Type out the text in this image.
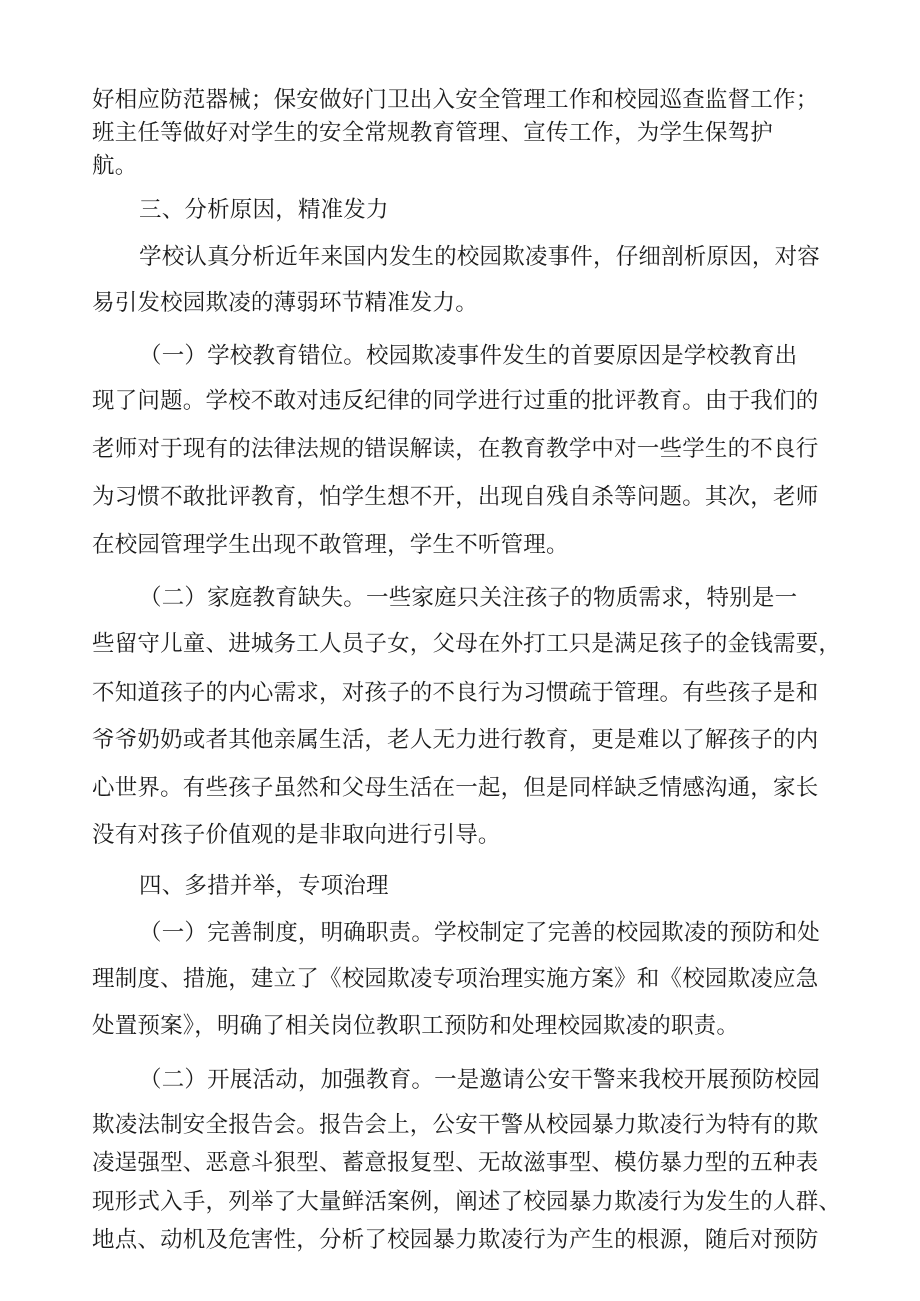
好相应防范器械；保安做好门卫出入安全管理工作和校园巡查监督工作；
班主任等做好对学生的安全常规教育管理、宣传工作，为学生保驾护
航。
三、分析原因，精准发力
学校认真分析近年来国内发生的校园欺凌事件，仔细剖析原因，对容
易引发校园欺凌的薄弱环节精准发力。
（一）学校教育错位。校园欺凌事件发生的首要原因是学校教育出
现了问题。学校不敢对违反纪律的同学进行过重的批评教育。由于我们的
老师对于现有的法律法规的错误解读，在教育教学中对一些学生的不良行
为习惯不敢批评教育，怕学生想不开，出现自残自杀等问题。其次，老师
在校园管理学生出现不敢管理，学生不听管理。
（二）家庭教育缺失。一些家庭只关注孩子的物质需求，特别是一
些留守儿童、进城务工人员子女，父母在外打工只是满足孩子的金钱需要，
不知道孩子的内心需求，对孩子的不良行为习惯疏于管理。有些孩子是和
爷爷奶奶或者其他亲属生活，老人无力进行教育，更是难以了解孩子的内
心世界。有些孩子虽然和父母生活在一起，但是同样缺乏情感沟通，家长
没有对孩子价值观的是非取向进行引导。
四、多措并举，专项治理
（一）完善制度，明确职责。学校制定了完善的校园欺凌的预防和处
理制度、措施，建立了《校园欺凌专项治理实施方案》和《校园欺凌应急
处置预案》，明确了相关岗位教职工预防和处理校园欺凌的职责。
（二）开展活动，加强教育。一是邀请公安干警来我校开展预防校园
欺凌法制安全报告会。报告会上，公安干警从校园暴力欺凌行为特有的欺
凌逞强型、恶意斗狠型、蓄意报复型、无故滋事型、模仿暴力型的五种表
现形式入手，列举了大量鲜活案例，阐述了校园暴力欺凌行为发生的人群、
地点、动机及危害性，分析了校园暴力欺凌行为产生的根源，随后对预防
